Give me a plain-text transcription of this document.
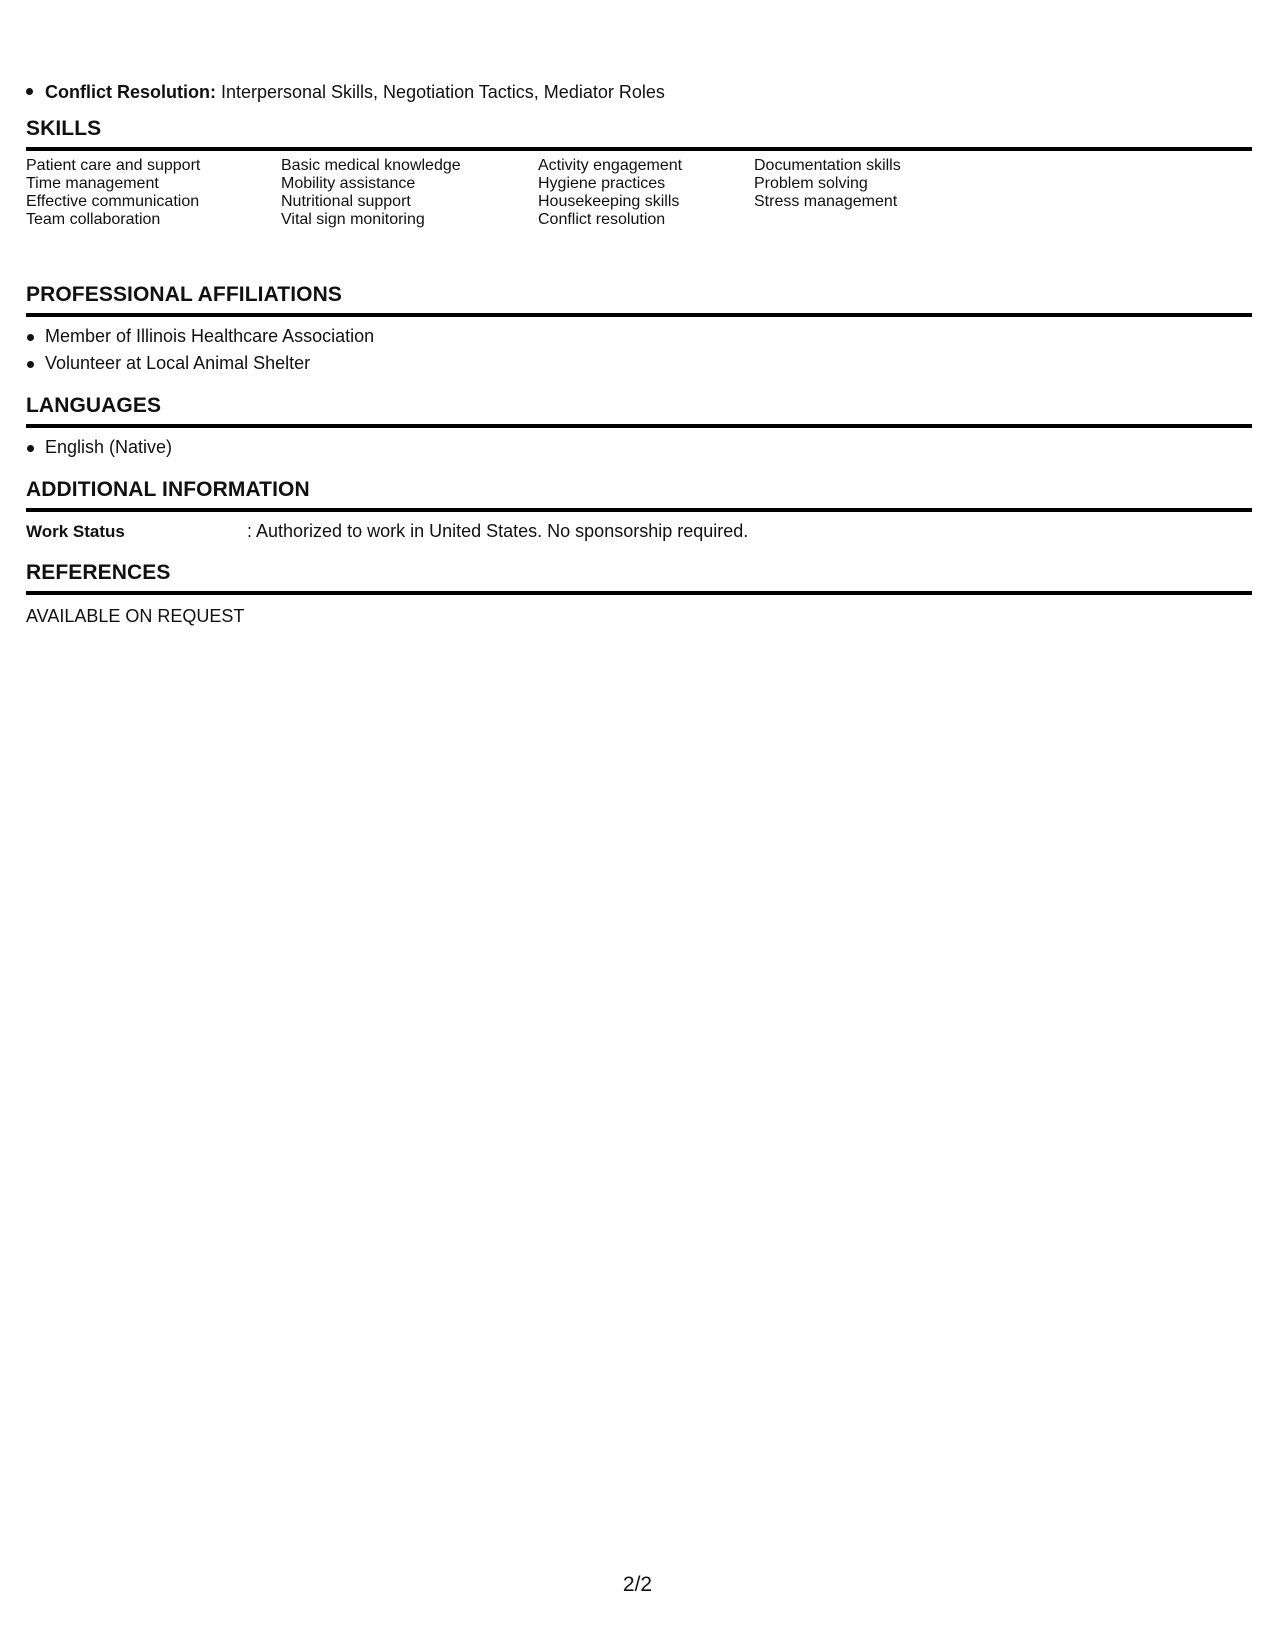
Conflict Resolution: Interpersonal Skills, Negotiation Tactics, Mediator Roles
SKILLS
Patient care and support
Time management
Effective communication
Team collaboration
Basic medical knowledge
Mobility assistance
Nutritional support
Vital sign monitoring
Activity engagement
Hygiene practices
Housekeeping skills
Conflict resolution
Documentation skills
Problem solving
Stress management
PROFESSIONAL AFFILIATIONS
Member of Illinois Healthcare Association
Volunteer at Local Animal Shelter
LANGUAGES
English (Native)
ADDITIONAL INFORMATION
Work Status	: Authorized to work in United States. No sponsorship required.
REFERENCES
AVAILABLE ON REQUEST
2/2
